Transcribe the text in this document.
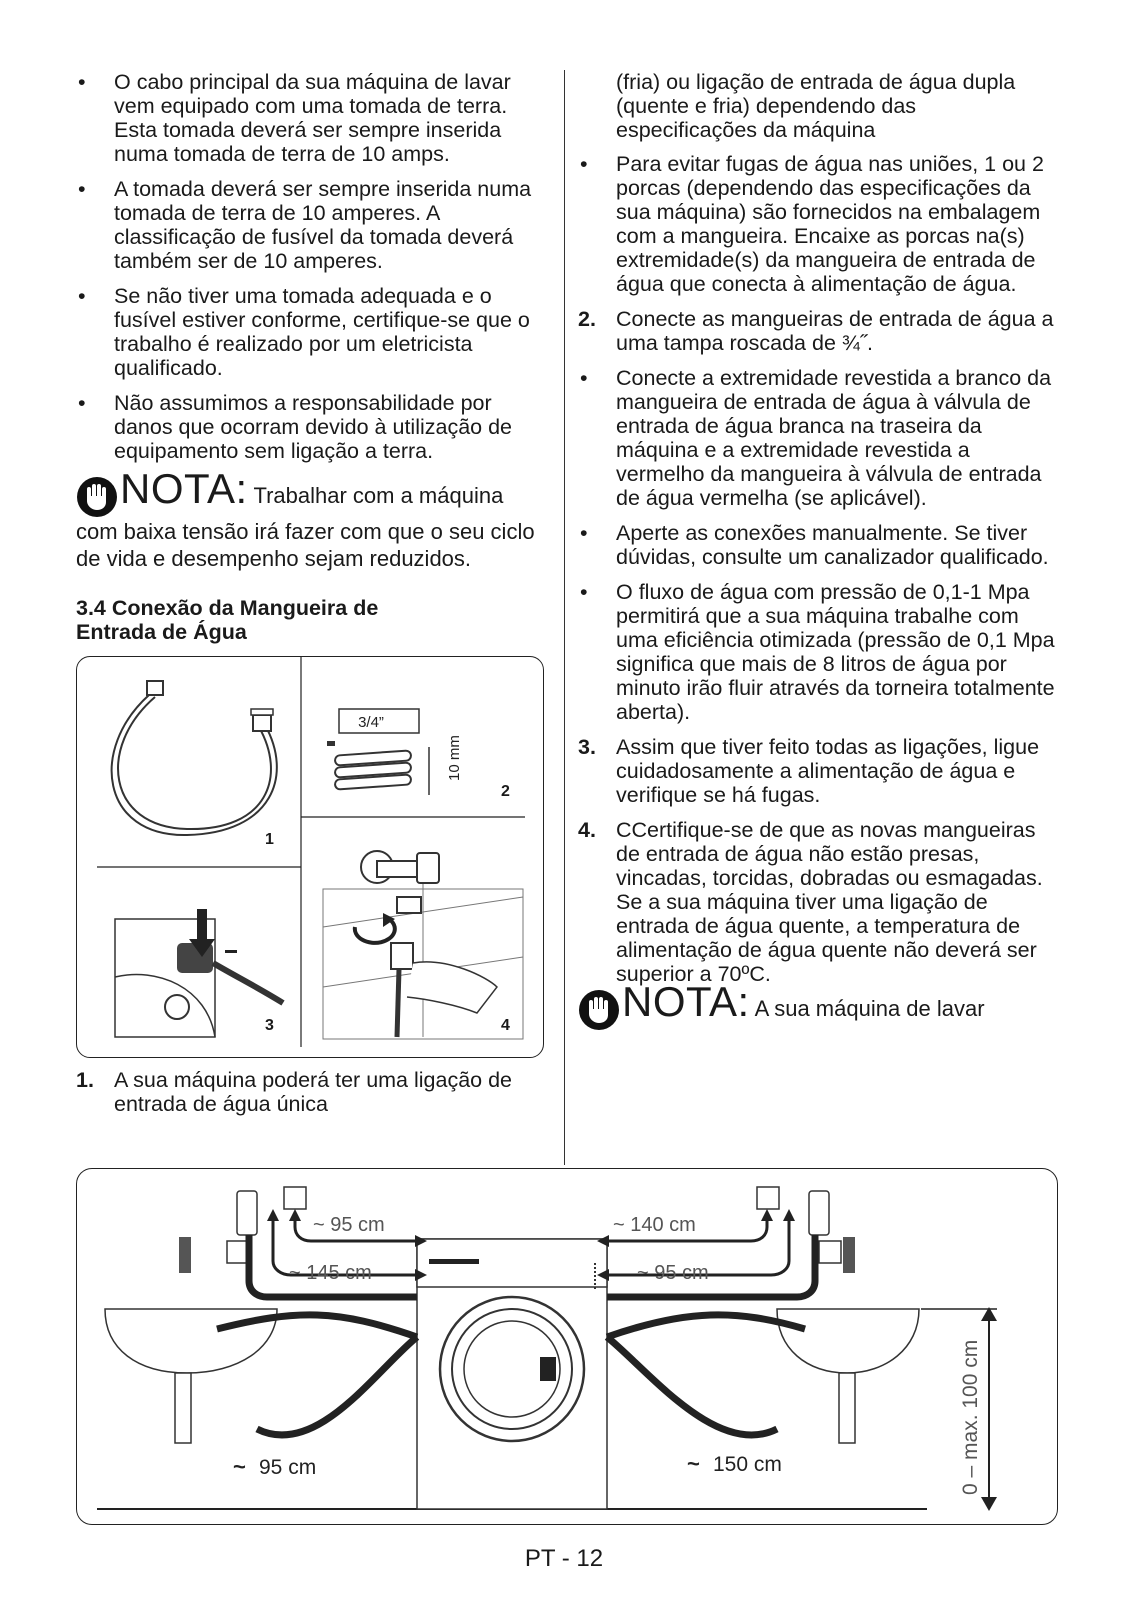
•	O cabo principal da sua máquina de lavar vem equipado com uma tomada de terra. Esta tomada deverá ser sempre inserida numa tomada de terra de 10 amps.
•	A tomada deverá ser sempre inserida numa tomada de terra de 10 amperes. A classificação de fusível da tomada deverá também ser de 10 amperes.
•	Se não tiver uma tomada adequada e o fusível estiver conforme, certifique-se que o trabalho é realizado por um eletricista qualificado.
•	Não assumimos a responsabilidade por danos que ocorram devido à utilização de equipamento sem ligação a terra.
NOTA: Trabalhar com a máquina com baixa tensão irá fazer com que o seu ciclo de vida e desempenho sejam reduzidos.
3.4 Conexão da Mangueira de Entrada de Água
3/4”
10 mm
1
2
3	4
1. A sua máquina poderá ter uma ligação de entrada de água única
(fria) ou ligação de entrada de água dupla (quente e fria) dependendo das especificações da máquina
•	Para evitar fugas de água nas uniões, 1 ou 2 porcas (dependendo das especificações da sua máquina) são fornecidos na embalagem com a mangueira. Encaixe as porcas na(s) extremidade(s) da mangueira de entrada de água que conecta à alimentação de água.
2. Conecte as mangueiras de entrada de água a uma tampa roscada de ¾˝.
•	Conecte a extremidade revestida a branco da mangueira de entrada de água à válvula de entrada de água branca na traseira da máquina e a extremidade revestida a vermelho da mangueira à válvula de entrada de água vermelha (se aplicável).
•	Aperte as conexões manualmente. Se tiver dúvidas, consulte um canalizador qualificado.
•	O fluxo de água com pressão de 0,1-1 Mpa permitirá que a sua máquina trabalhe com uma eficiência otimizada (pressão de 0,1 Mpa significa que mais de 8 litros de água por minuto irão fluir através da torneira totalmente aberta).
3. Assim que tiver feito todas as ligações, ligue cuidadosamente a alimentação de água e verifique se há fugas.
4. CCertifique-se de que as novas mangueiras de entrada de água não estão presas, vincadas, torcidas, dobradas ou esmagadas. Se a sua máquina tiver uma ligação de entrada de água quente, a temperatura de alimentação de água quente não deverá ser superior a 70ºC.
NOTA: A sua máquina de lavar
~ 95 cm
~ 145 cm
~ 140 cm
~ 95 cm
~ 95 cm	~ 150 cm	0 – max. 100 cm
PT - 12
